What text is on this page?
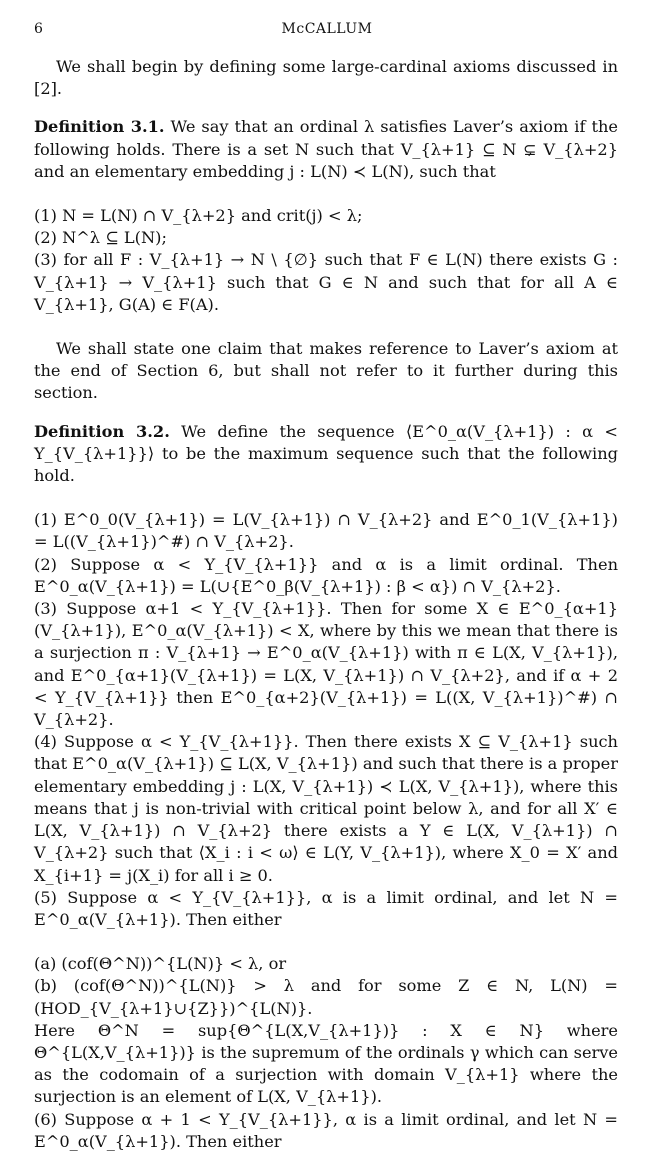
6	McCALLUM

We shall begin by defining some large-cardinal axioms discussed in [2].

Definition 3.1. We say that an ordinal λ satisfies Laver’s axiom if the following holds. There is a set N such that V_{λ+1} ⊆ N ⊊ V_{λ+2} and an elementary embedding j : L(N) ≺ L(N), such that

(1) N = L(N) ∩ V_{λ+2} and crit(j) < λ;

(2) N^λ ⊆ L(N);

(3) for all F : V_{λ+1} → N \ {∅} such that F ∈ L(N) there exists G : V_{λ+1} → V_{λ+1} such that G ∈ N and such that for all A ∈ V_{λ+1}, G(A) ∈ F(A).

We shall state one claim that makes reference to Laver’s axiom at the end of Section 6, but shall not refer to it further during this section.

Definition 3.2. We define the sequence ⟨E^0_α(V_{λ+1}) : α < Υ_{V_{λ+1}}⟩ to be the maximum sequence such that the following hold.

(1) E^0_0(V_{λ+1}) = L(V_{λ+1}) ∩ V_{λ+2} and E^0_1(V_{λ+1}) = L((V_{λ+1})^#) ∩ V_{λ+2}.

(2) Suppose α < Υ_{V_{λ+1}} and α is a limit ordinal. Then E^0_α(V_{λ+1}) = L(∪{E^0_β(V_{λ+1}) : β < α}) ∩ V_{λ+2}.

(3) Suppose α+1 < Υ_{V_{λ+1}}. Then for some X ∈ E^0_{α+1}(V_{λ+1}), E^0_α(V_{λ+1}) < X, where by this we mean that there is a surjection π : V_{λ+1} → E^0_α(V_{λ+1}) with π ∈ L(X, V_{λ+1}), and E^0_{α+1}(V_{λ+1}) = L(X, V_{λ+1}) ∩ V_{λ+2}, and if α + 2 < Υ_{V_{λ+1}} then E^0_{α+2}(V_{λ+1}) = L((X, V_{λ+1})^#) ∩ V_{λ+2}.

(4) Suppose α < Υ_{V_{λ+1}}. Then there exists X ⊆ V_{λ+1} such that E^0_α(V_{λ+1}) ⊆ L(X, V_{λ+1}) and such that there is a proper elementary embedding j : L(X, V_{λ+1}) ≺ L(X, V_{λ+1}), where this means that j is non-trivial with critical point below λ, and for all X′ ∈ L(X, V_{λ+1}) ∩ V_{λ+2} there exists a Y ∈ L(X, V_{λ+1}) ∩ V_{λ+2} such that ⟨X_i : i < ω⟩ ∈ L(Y, V_{λ+1}), where X_0 = X′ and X_{i+1} = j(X_i) for all i ≥ 0.

(5) Suppose α < Υ_{V_{λ+1}}, α is a limit ordinal, and let N = E^0_α(V_{λ+1}). Then either

(a) (cof(Θ^N))^{L(N)} < λ, or

(b) (cof(Θ^N))^{L(N)} > λ and for some Z ∈ N, L(N) = (HOD_{V_{λ+1}∪{Z}})^{L(N)}.

Here Θ^N = sup{Θ^{L(X,V_{λ+1})} : X ∈ N} where Θ^{L(X,V_{λ+1})} is the supremum of the ordinals γ which can serve as the codomain of a surjection with domain V_{λ+1} where the surjection is an element of L(X, V_{λ+1}).

(6) Suppose α + 1 < Υ_{V_{λ+1}}, α is a limit ordinal, and let N = E^0_α(V_{λ+1}). Then either
